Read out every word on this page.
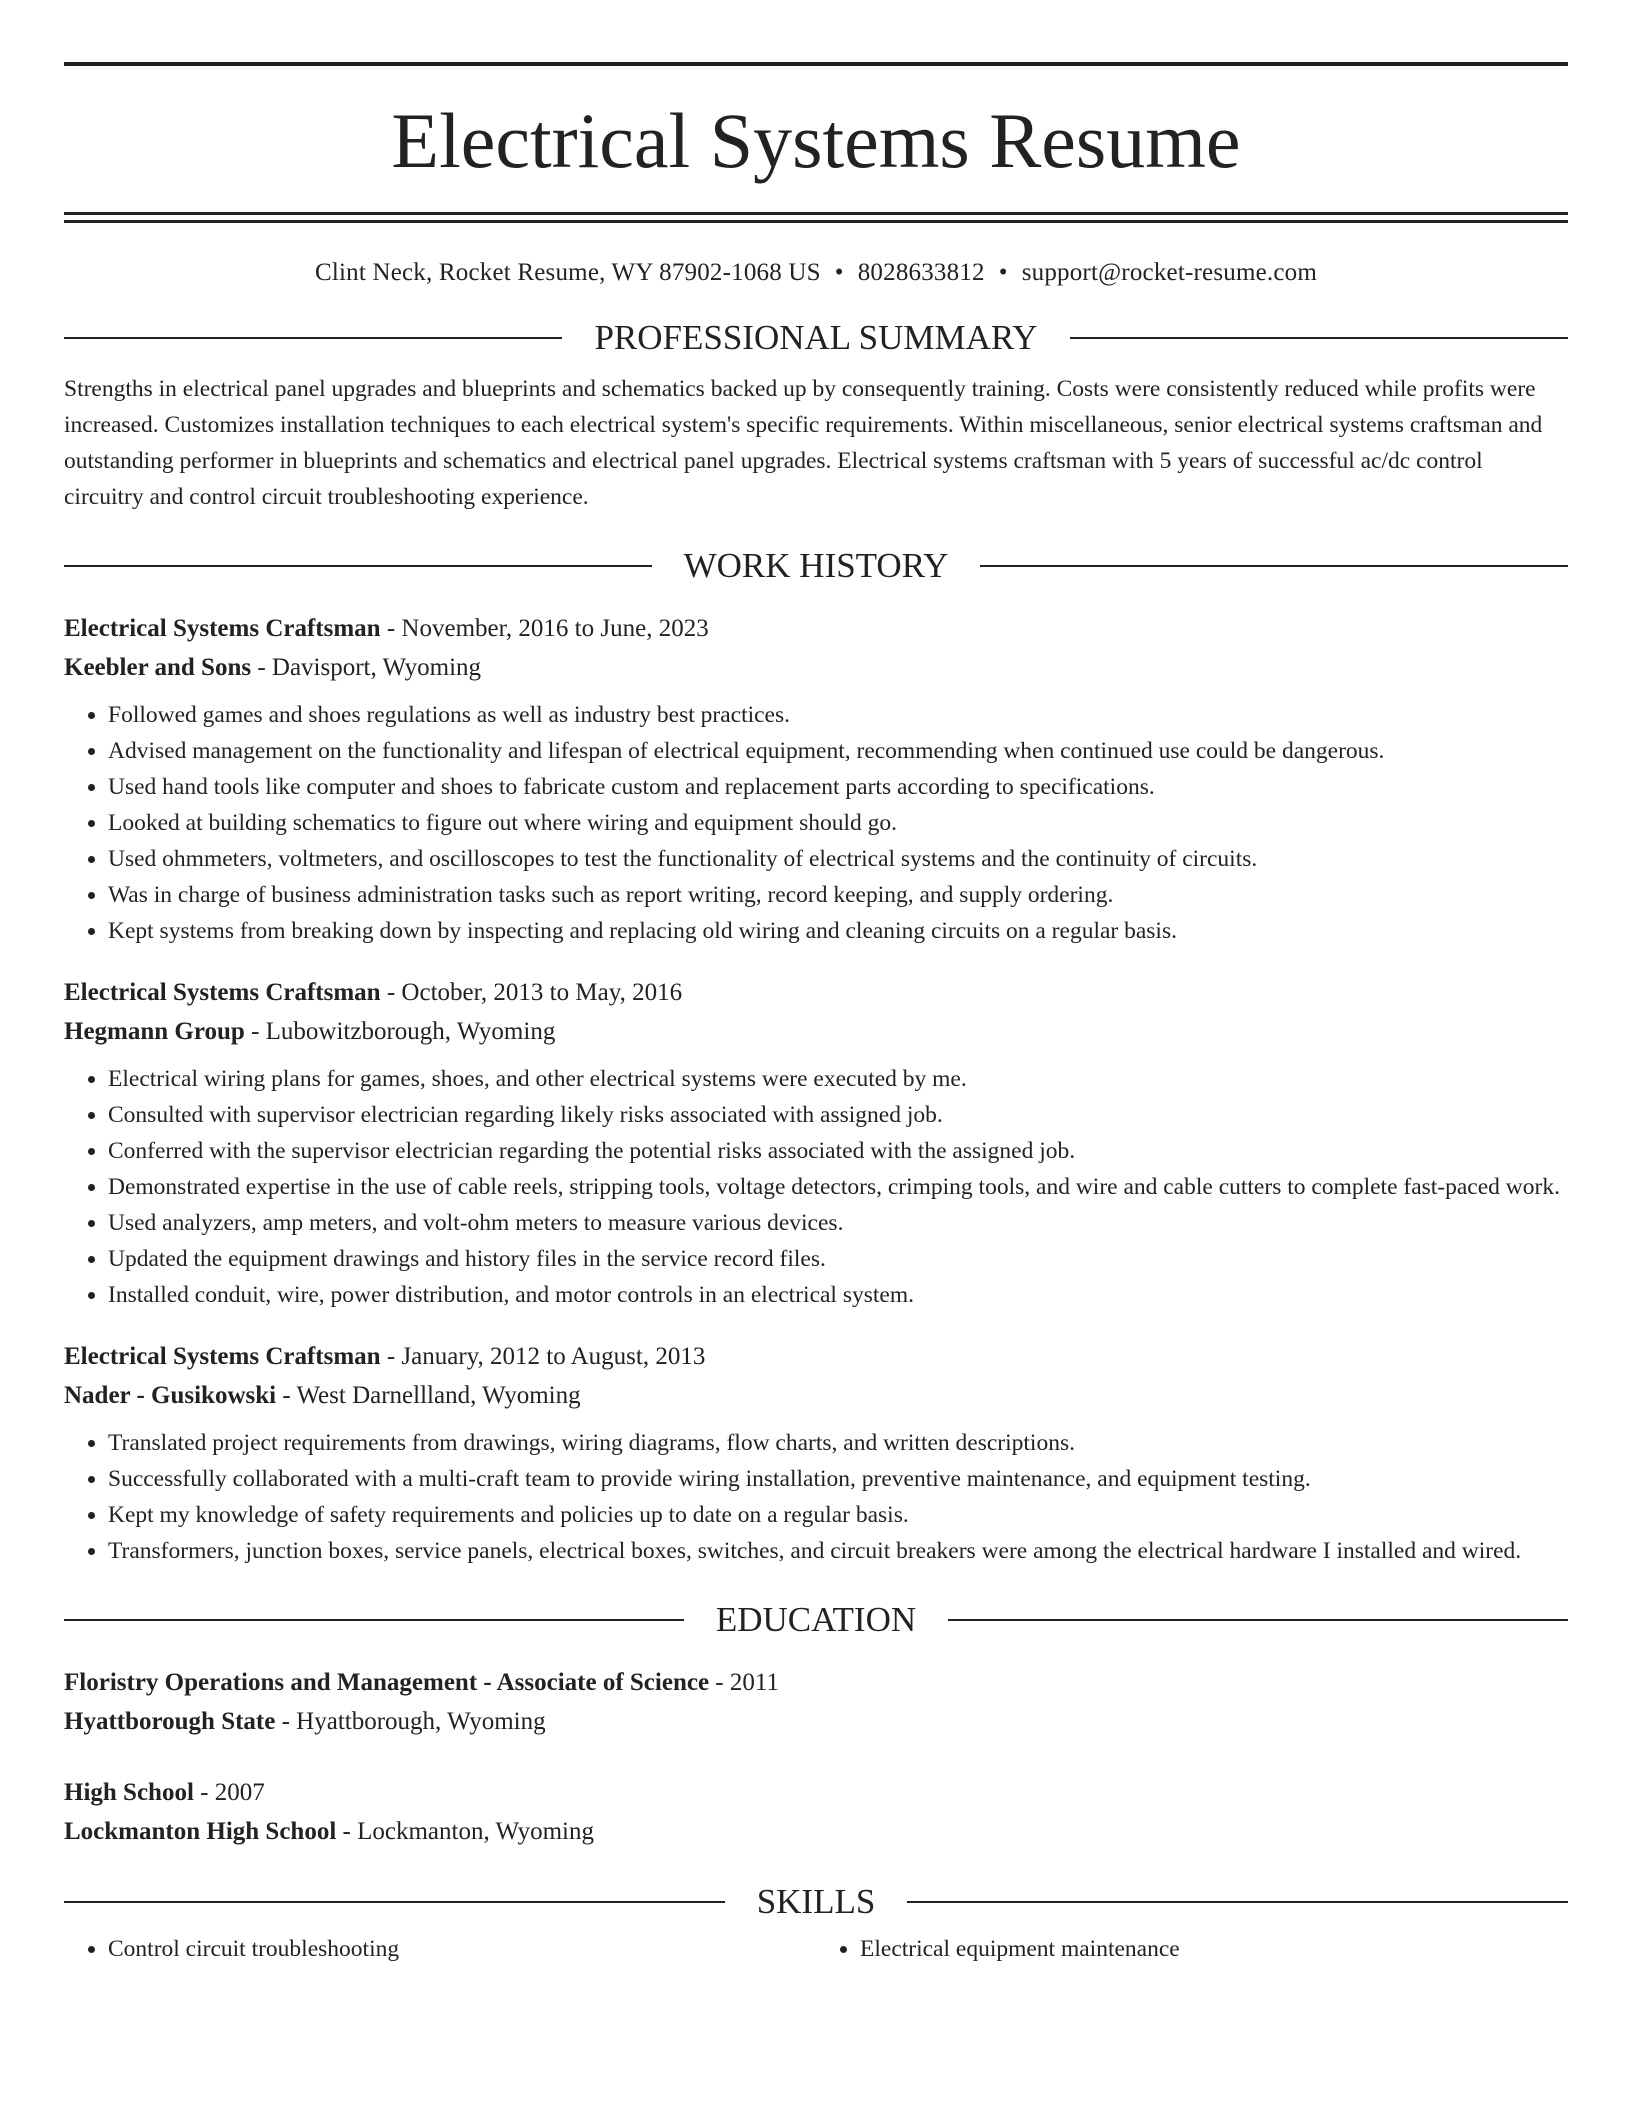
Electrical Systems Resume
Clint Neck, Rocket Resume, WY 87902-1068 US • 8028633812 • support@rocket-resume.com
PROFESSIONAL SUMMARY
Strengths in electrical panel upgrades and blueprints and schematics backed up by consequently training. Costs were consistently reduced while profits were increased. Customizes installation techniques to each electrical system's specific requirements. Within miscellaneous, senior electrical systems craftsman and outstanding performer in blueprints and schematics and electrical panel upgrades. Electrical systems craftsman with 5 years of successful ac/dc control circuitry and control circuit troubleshooting experience.
WORK HISTORY
Electrical Systems Craftsman - November, 2016 to June, 2023
Keebler and Sons - Davisport, Wyoming
• Followed games and shoes regulations as well as industry best practices.
• Advised management on the functionality and lifespan of electrical equipment, recommending when continued use could be dangerous.
• Used hand tools like computer and shoes to fabricate custom and replacement parts according to specifications.
• Looked at building schematics to figure out where wiring and equipment should go.
• Used ohmmeters, voltmeters, and oscilloscopes to test the functionality of electrical systems and the continuity of circuits.
• Was in charge of business administration tasks such as report writing, record keeping, and supply ordering.
• Kept systems from breaking down by inspecting and replacing old wiring and cleaning circuits on a regular basis.
Electrical Systems Craftsman - October, 2013 to May, 2016
Hegmann Group - Lubowitzborough, Wyoming
• Electrical wiring plans for games, shoes, and other electrical systems were executed by me.
• Consulted with supervisor electrician regarding likely risks associated with assigned job.
• Conferred with the supervisor electrician regarding the potential risks associated with the assigned job.
• Demonstrated expertise in the use of cable reels, stripping tools, voltage detectors, crimping tools, and wire and cable cutters to complete fast-paced work.
• Used analyzers, amp meters, and volt-ohm meters to measure various devices.
• Updated the equipment drawings and history files in the service record files.
• Installed conduit, wire, power distribution, and motor controls in an electrical system.
Electrical Systems Craftsman - January, 2012 to August, 2013
Nader - Gusikowski - West Darnellland, Wyoming
• Translated project requirements from drawings, wiring diagrams, flow charts, and written descriptions.
• Successfully collaborated with a multi-craft team to provide wiring installation, preventive maintenance, and equipment testing.
• Kept my knowledge of safety requirements and policies up to date on a regular basis.
• Transformers, junction boxes, service panels, electrical boxes, switches, and circuit breakers were among the electrical hardware I installed and wired.
EDUCATION
Floristry Operations and Management - Associate of Science - 2011
Hyattborough State - Hyattborough, Wyoming
High School - 2007
Lockmanton High School - Lockmanton, Wyoming
SKILLS
• Control circuit troubleshooting
•	Electrical equipment maintenance
